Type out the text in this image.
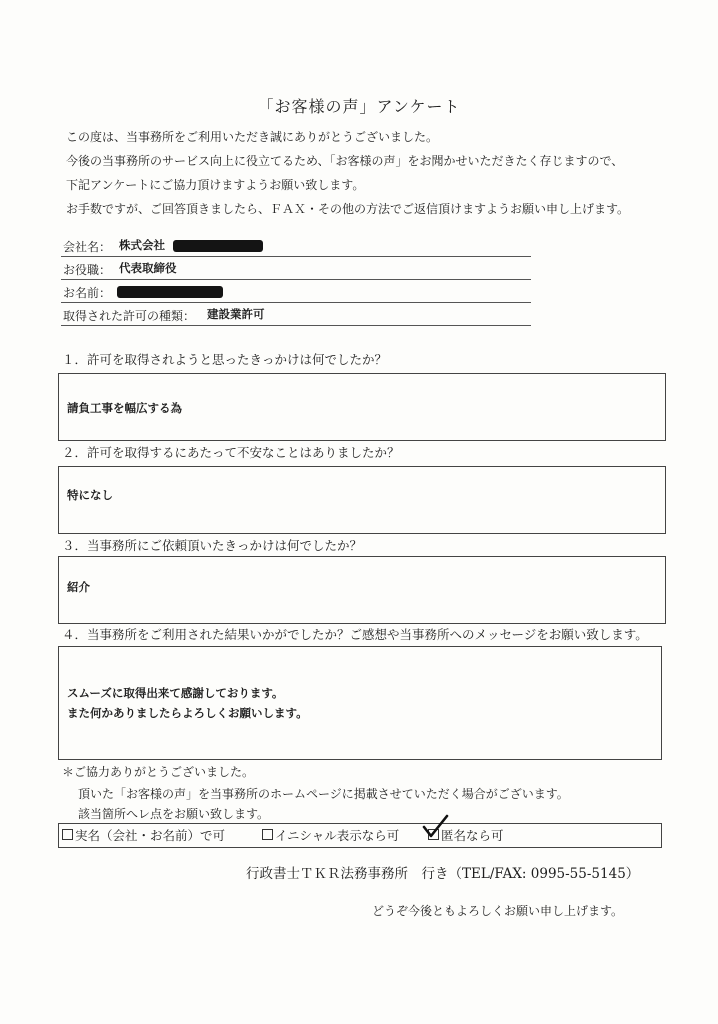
「お客様の声」アンケート
この度は、当事務所をご利用いただき誠にありがとうございました。
今後の当事務所のサービス向上に役立てるため、「お客様の声」をお聞かせいただきたく存じますので、
下記アンケートにご協力頂けますようお願い致します。
お手数ですが、ご回答頂きましたら、ＦＡＸ・その他の方法でご返信頂けますようお願い申し上げます。
会社名： 株式会社
お役職： 代表取締役
お名前：
取得された許可の種類： 建設業許可
１．許可を取得されようと思ったきっかけは何でしたか？
請負工事を幅広する為
２．許可を取得するにあたって不安なことはありましたか？
特になし
３．当事務所にご依頼頂いたきっかけは何でしたか？
紹介
４．当事務所をご利用された結果いかがでしたか？ご感想や当事務所へのメッセージをお願い致します。
スムーズに取得出来て感謝しております。
また何かありましたらよろしくお願いします。
＊ご協力ありがとうございました。
頂いた「お客様の声」を当事務所のホームページに掲載させていただく場合がございます。
該当箇所へレ点をお願い致します。
実名（会社・お名前）で可	イニシャル表示なら可	匿名なら可
行政書士ＴＫＲ法務事務所　行き（TEL/FAX: 0995-55-5145）
どうぞ今後ともよろしくお願い申し上げます。
